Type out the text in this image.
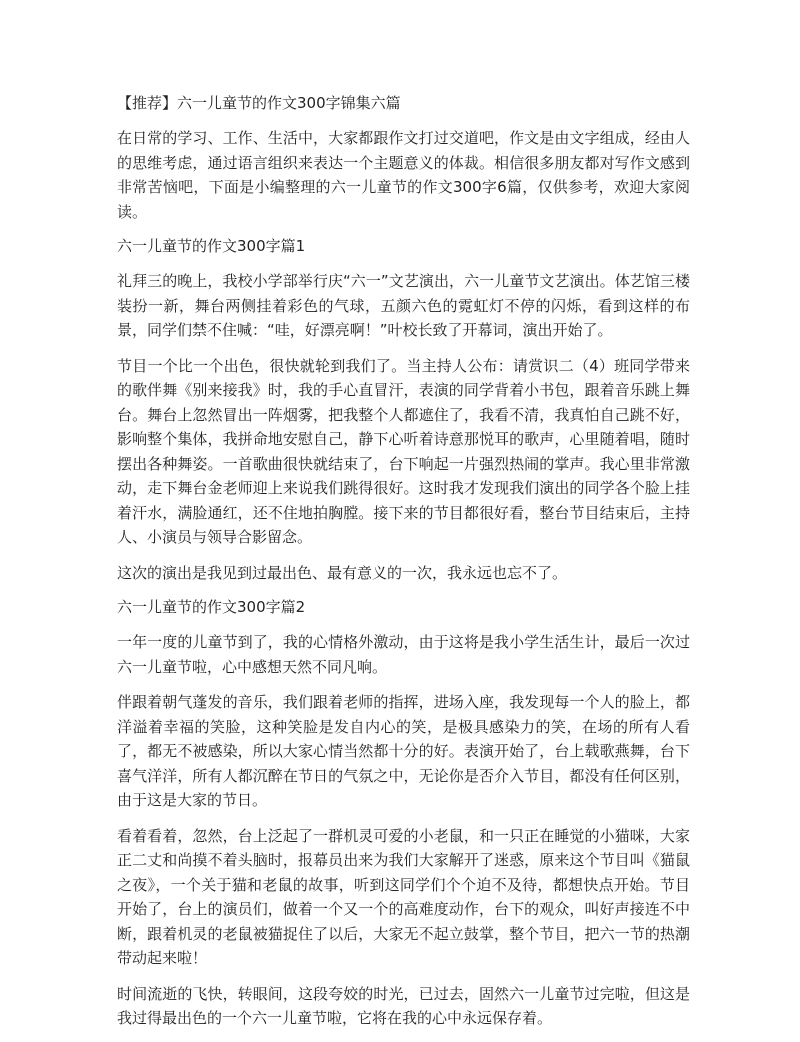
【推荐】六一儿童节的作文300字锦集六篇

在日常的学习、工作、生活中，大家都跟作文打过交道吧，作文是由文字组成，经由人的思维考虑，通过语言组织来表达一个主题意义的体裁。相信很多朋友都对写作文感到非常苦恼吧，下面是小编整理的六一儿童节的作文300字6篇，仅供参考，欢迎大家阅读。

六一儿童节的作文300字篇1

礼拜三的晚上，我校小学部举行庆“六一”文艺演出，六一儿童节文艺演出。体艺馆三楼装扮一新，舞台两侧挂着彩色的气球，五颜六色的霓虹灯不停的闪烁，看到这样的布景，同学们禁不住喊：“哇，好漂亮啊！”叶校长致了开幕词，演出开始了。

节目一个比一个出色，很快就轮到我们了。当主持人公布：请赏识二（4）班同学带来的歌伴舞《别来接我》时，我的手心直冒汗，表演的同学背着小书包，跟着音乐跳上舞台。舞台上忽然冒出一阵烟雾，把我整个人都遮住了，我看不清，我真怕自己跳不好，影响整个集体，我拼命地安慰自己，静下心听着诗意那悦耳的歌声，心里随着唱，随时摆出各种舞姿。一首歌曲很快就结束了，台下响起一片强烈热闹的掌声。我心里非常激动，走下舞台金老师迎上来说我们跳得很好。这时我才发现我们演出的同学各个脸上挂着汗水，满脸通红，还不住地拍胸膛。接下来的节目都很好看，整台节目结束后，主持人、小演员与领导合影留念。

这次的演出是我见到过最出色、最有意义的一次，我永远也忘不了。

六一儿童节的作文300字篇2

一年一度的儿童节到了，我的心情格外激动，由于这将是我小学生活生计，最后一次过六一儿童节啦，心中感想天然不同凡响。

伴跟着朝气蓬发的音乐，我们跟着老师的指挥，进场入座，我发现每一个人的脸上，都洋溢着幸福的笑脸，这种笑脸是发自内心的笑，是极具感染力的笑，在场的所有人看了，都无不被感染，所以大家心情当然都十分的好。表演开始了，台上载歌燕舞，台下喜气洋洋，所有人都沉醉在节日的气氛之中，无论你是否介入节目，都没有任何区别，由于这是大家的节日。

看着看着，忽然，台上泛起了一群机灵可爱的小老鼠，和一只正在睡觉的小猫咪，大家正二丈和尚摸不着头脑时，报幕员出来为我们大家解开了迷惑，原来这个节目叫《猫鼠之夜》，一个关于猫和老鼠的故事，听到这同学们个个迫不及待，都想快点开始。节目开始了，台上的演员们，做着一个又一个的高难度动作，台下的观众，叫好声接连不中断，跟着机灵的老鼠被猫捉住了以后，大家无不起立鼓掌，整个节目，把六一节的热潮带动起来啦！

时间流逝的飞快，转眼间，这段夸姣的时光，已过去，固然六一儿童节过完啦，但这是我过得最出色的一个六一儿童节啦，它将在我的心中永远保存着。
